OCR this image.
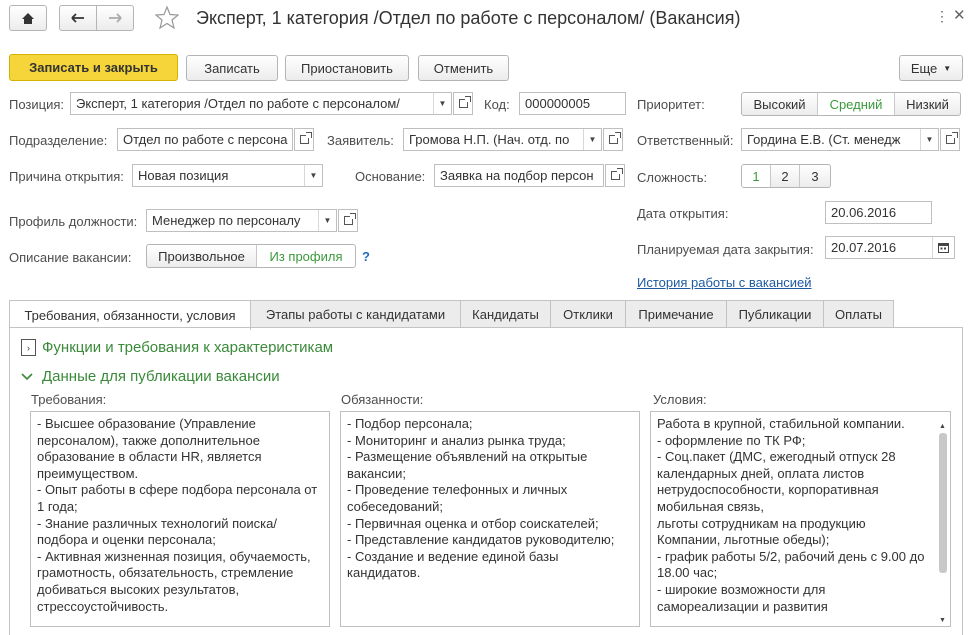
Эксперт, 1 категория /Отдел по работе с персоналом/ (Вакансия)	⋮ ✕
Записать и закрыть	Записать	Приостановить	Отменить	Еще ▼
Позиция: Эксперт, 1 категория /Отдел по работе с персоналом/	▼	Код:	000000005
Подразделение:	Отдел по работе с персона	Заявитель:	Громова Н.П. (Нач. отд. по	▼
Причина открытия:	Новая позиция	▼	Основание:	Заявка на подбор персон
Профиль должности:	Менеджер по персоналу	▼
Описание вакансии:	Произвольное	Из профиля	?
Приоритет:	Высокий	Средний	Низкий
Ответственный:	Гордина Е.В. (Ст. менедж	▼
Сложность:	1	2	3
Дата открытия:	20.06.2016
Планируемая дата закрытия:	20.07.2016
История работы с вакансией
Требования, обязанности, условия	Этапы работы с кандидатами	Кандидаты	Отклики	Примечание	Публикации	Оплаты
› Функции и требования к характеристикам
Данные для публикации вакансии
Требования:
- Высшее образование (Управление персоналом), также дополнительное образование в области HR, является преимуществом.
- Опыт работы в сфере подбора персонала от 1 года;
- Знание различных технологий поиска/подбора и оценки персонала;
- Активная жизненная позиция, обучаемость, грамотность, обязательность, стремление добиваться высоких результатов, стрессоустойчивость.
Обязанности:
- Подбор персонала;
- Мониторинг и анализ рынка труда;
- Размещение объявлений на открытые вакансии;
- Проведение телефонных и личных собеседований;
- Первичная оценка и отбор соискателей;
- Представление кандидатов руководителю;
- Создание и ведение единой базы кандидатов.
Условия:
Работа в крупной, стабильной компании.
- оформление по ТК РФ;
- Соц.пакет (ДМС, ежегодный отпуск 28 календарных дней, оплата листов нетрудоспособности, корпоративная мобильная связь,
льготы сотрудникам на продукцию Компании, льготные обеды);
- график работы 5/2, рабочий день с 9.00 до 18.00 час;
- широкие возможности для самореализации и развития
▲
▼
